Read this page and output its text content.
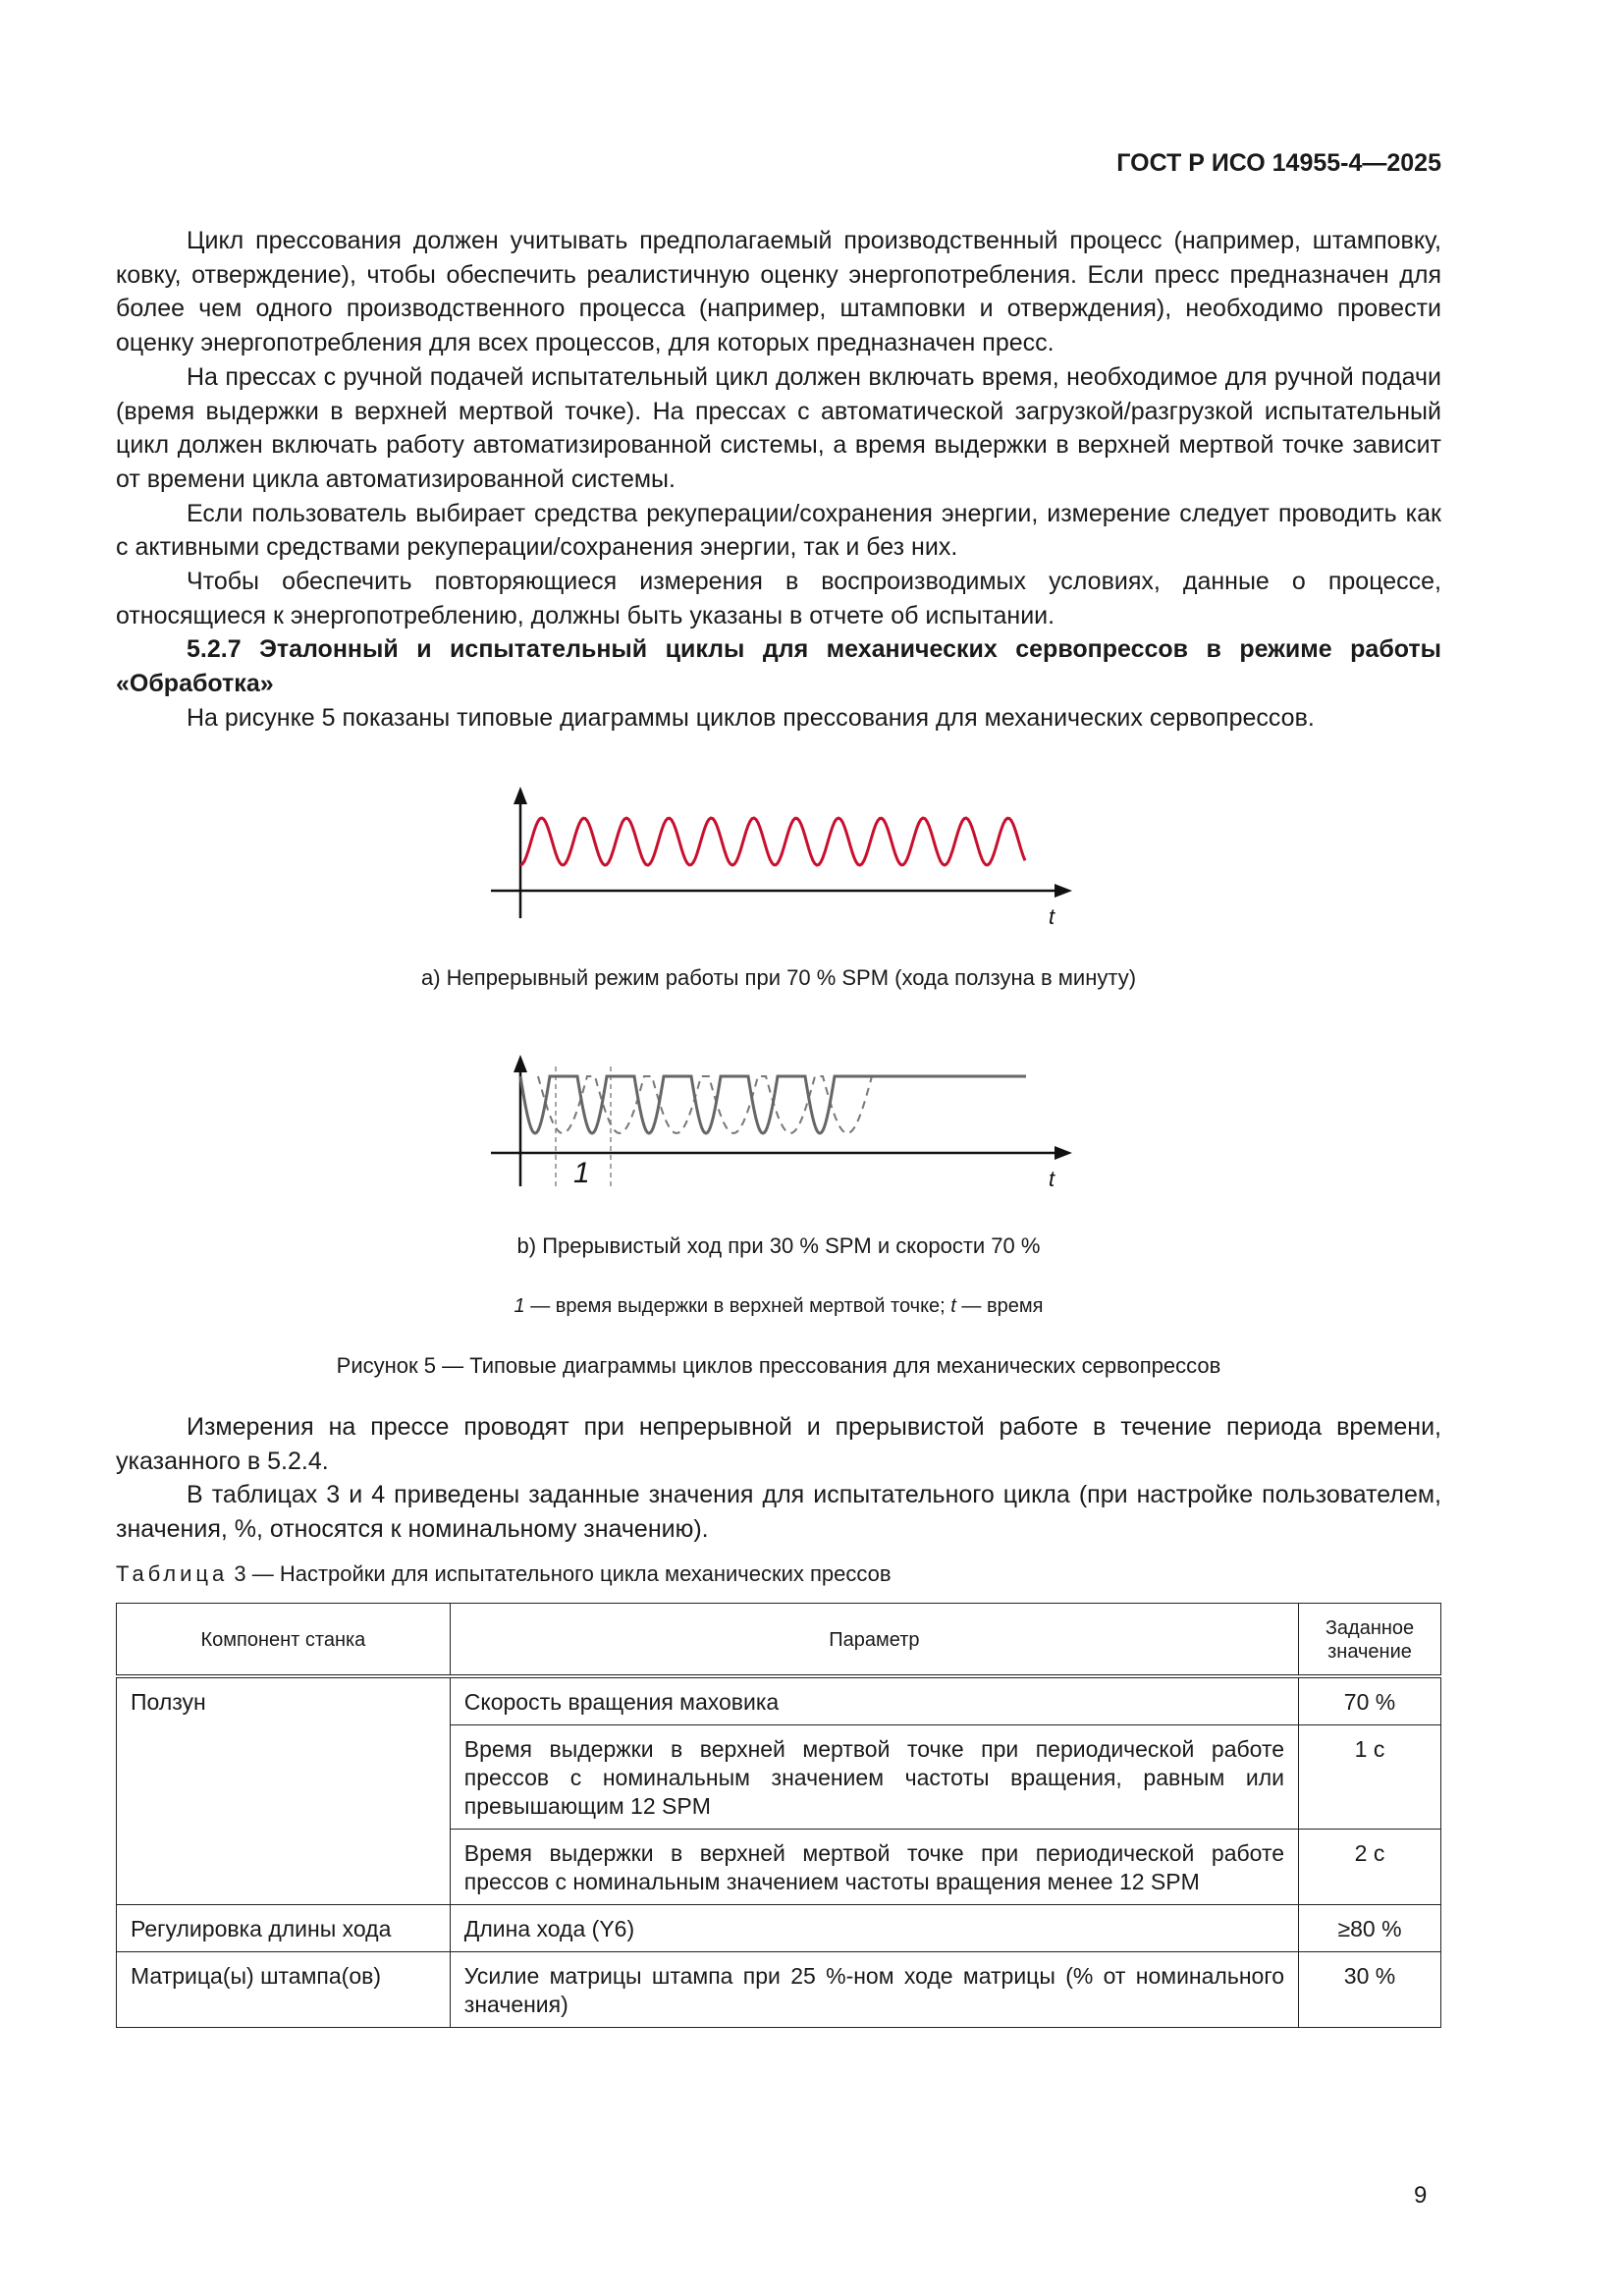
ГОСТ Р ИСО 14955-4—2025

Цикл прессования должен учитывать предполагаемый производственный процесс (например, штамповку, ковку, отверждение), чтобы обеспечить реалистичную оценку энергопотребления. Если пресс предназначен для более чем одного производственного процесса (например, штамповки и отверждения), необходимо провести оценку энергопотребления для всех процессов, для которых предназначен пресс.

На прессах с ручной подачей испытательный цикл должен включать время, необходимое для ручной подачи (время выдержки в верхней мертвой точке). На прессах с автоматической загрузкой/разгрузкой испытательный цикл должен включать работу автоматизированной системы, а время выдержки в верхней мертвой точке зависит от времени цикла автоматизированной системы.

Если пользователь выбирает средства рекуперации/сохранения энергии, измерение следует проводить как с активными средствами рекуперации/сохранения энергии, так и без них.

Чтобы обеспечить повторяющиеся измерения в воспроизводимых условиях, данные о процессе, относящиеся к энергопотреблению, должны быть указаны в отчете об испытании.

5.2.7 Эталонный и испытательный циклы для механических сервопрессов в режиме работы «Обработка»

На рисунке 5 показаны типовые диаграммы циклов прессования для механических сервопрессов.

t
a) Непрерывный режим работы при 70 % SPM (хода ползуна в минуту)
1	t
b) Прерывистый ход при 30 % SPM и скорости 70 %
1 — время выдержки в верхней мертвой точке; t — время
Рисунок 5 — Типовые диаграммы циклов прессования для механических сервопрессов

Измерения на прессе проводят при непрерывной и прерывистой работе в течение периода времени, указанного в 5.2.4.

В таблицах 3 и 4 приведены заданные значения для испытательного цикла (при настройке пользователем, значения, %, относятся к номинальному значению).

Таблица 3 — Настройки для испытательного цикла механических прессов
Компонент станка	Параметр	Заданное значение
Ползун	Скорость вращения маховика	70 %
	Время выдержки в верхней мертвой точке при периодической работе прессов с номинальным значением частоты вращения, равным или превышающим 12 SPM	1 с
	Время выдержки в верхней мертвой точке при периодической работе прессов с номинальным значением частоты вращения менее 12 SPM	2 с
Регулировка длины хода	Длина хода (Y6)	≥80 %
Матрица(ы) штампа(ов)	Усилие матрицы штампа при 25 %-ном ходе матрицы (% от номинального значения)	30 %
9
